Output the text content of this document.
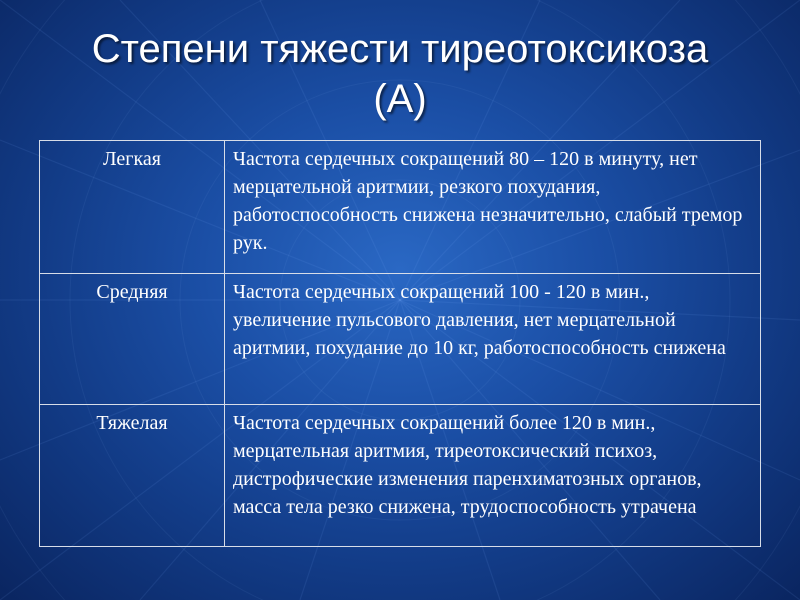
Степени тяжести тиреотоксикоза
(А)
Легкая	Частота сердечных сокращений 80 – 120 в минуту, нет мерцательной аритмии, резкого похудания, работоспособность снижена незначительно, слабый тремор рук.
Средняя	Частота сердечных сокращений 100 - 120 в мин., увеличение пульсового давления, нет мерцательной аритмии, похудание до 10 кг, работоспособность снижена
Тяжелая	Частота сердечных сокращений более 120 в мин., мерцательная аритмия, тиреотоксический психоз, дистрофические изменения паренхиматозных органов, масса тела резко снижена, трудоспособность утрачена
